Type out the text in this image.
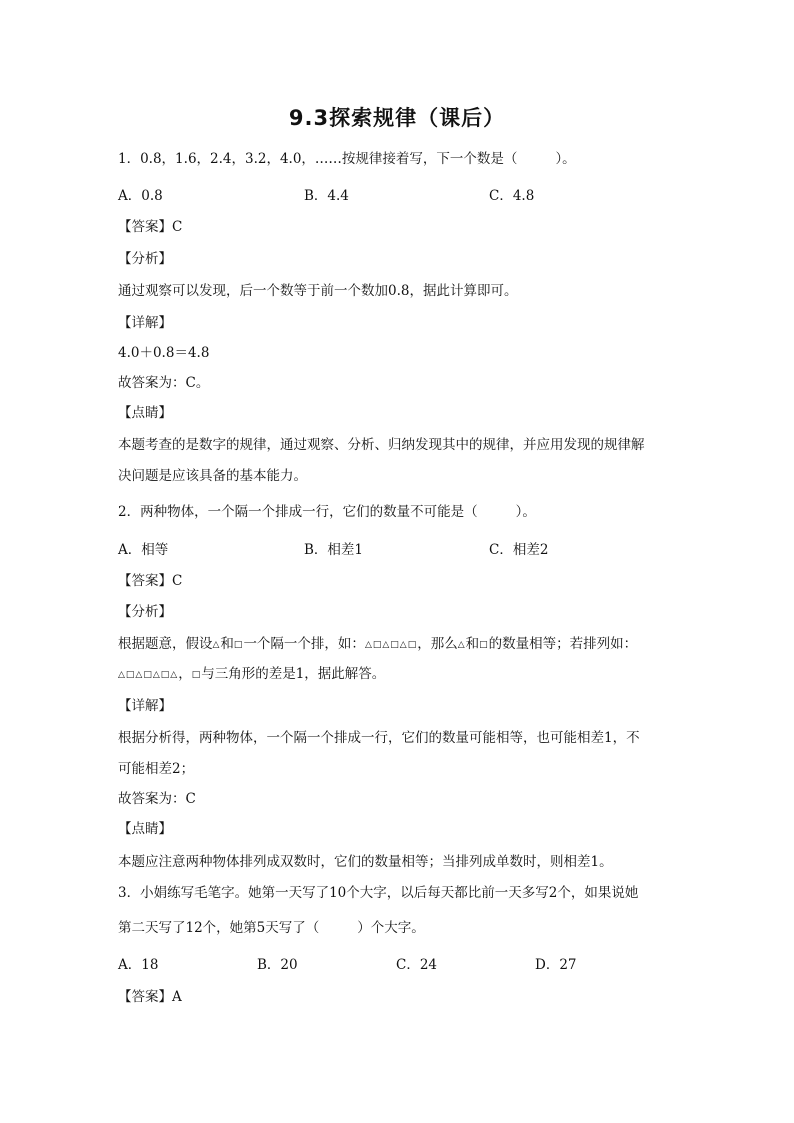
9.3探索规律（课后）
1．0.8，1.6，2.4，3.2，4.0，……按规律接着写，下一个数是（	）。
A．0.8	B．4.4	C．4.8
【答案】C
【分析】
通过观察可以发现，后一个数等于前一个数加0.8，据此计算即可。
【详解】
4.0＋0.8＝4.8
故答案为：C。
【点睛】
本题考查的是数字的规律，通过观察、分析、归纳发现其中的规律，并应用发现的规律解
决问题是应该具备的基本能力。
2．两种物体，一个隔一个排成一行，它们的数量不可能是（	）。
A．相等	B．相差1	C．相差2
【答案】C
【分析】
根据题意，假设△和□一个隔一个排，如：△□△□△□，那么△和□的数量相等；若排列如：
△□△□△□△，□与三角形的差是1，据此解答。
【详解】
根据分析得，两种物体，一个隔一个排成一行，它们的数量可能相等，也可能相差1，不
可能相差2；
故答案为：C
【点睛】
本题应注意两种物体排列成双数时，它们的数量相等；当排列成单数时，则相差1。
3．小娟练写毛笔字。她第一天写了10个大字，以后每天都比前一天多写2个，如果说她
第二天写了12个，她第5天写了（	）个大字。
A．18	B．20	C．24	D．27
【答案】A
